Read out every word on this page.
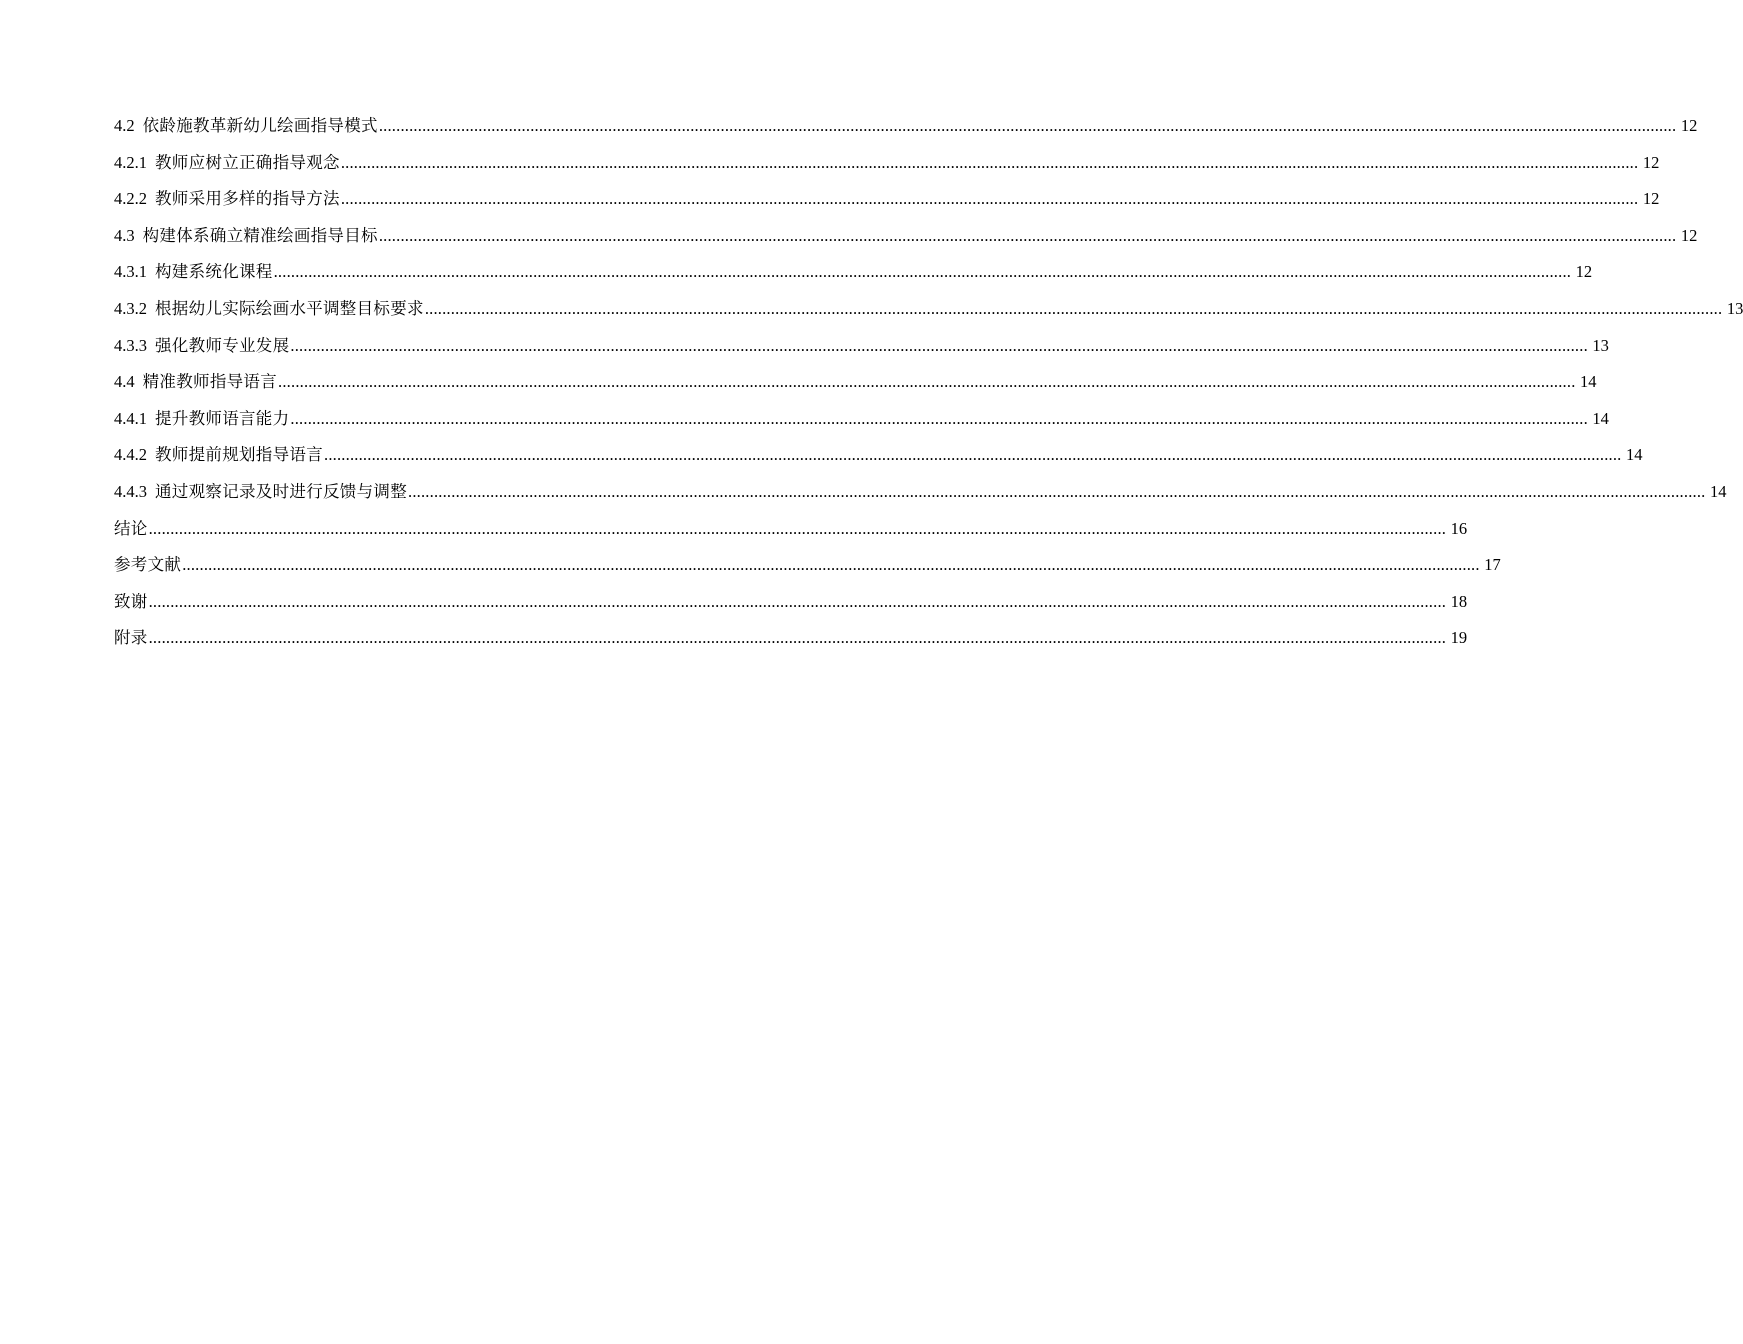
4.2 依龄施教革新幼儿绘画指导模式 ............................................................................................................................................................................................................................................................................................................ 12
4.2.1 教师应树立正确指导观念 ............................................................................................................................................................................................................................................................................................................ 12
4.2.2 教师采用多样的指导方法 ............................................................................................................................................................................................................................................................................................................ 12
4.3 构建体系确立精准绘画指导目标 ............................................................................................................................................................................................................................................................................................................ 12
4.3.1 构建系统化课程 ............................................................................................................................................................................................................................................................................................................ 12
4.3.2 根据幼儿实际绘画水平调整目标要求 ............................................................................................................................................................................................................................................................................................................ 13
4.3.3 强化教师专业发展 ............................................................................................................................................................................................................................................................................................................ 13
4.4 精准教师指导语言 ............................................................................................................................................................................................................................................................................................................ 14
4.4.1 提升教师语言能力 ............................................................................................................................................................................................................................................................................................................ 14
4.4.2 教师提前规划指导语言 ............................................................................................................................................................................................................................................................................................................ 14
4.4.3 通过观察记录及时进行反馈与调整 ............................................................................................................................................................................................................................................................................................................ 14
结论 ............................................................................................................................................................................................................................................................................................................ 16
参考文献 ............................................................................................................................................................................................................................................................................................................ 17
致谢 ............................................................................................................................................................................................................................................................................................................ 18
附录 ............................................................................................................................................................................................................................................................................................................ 19
